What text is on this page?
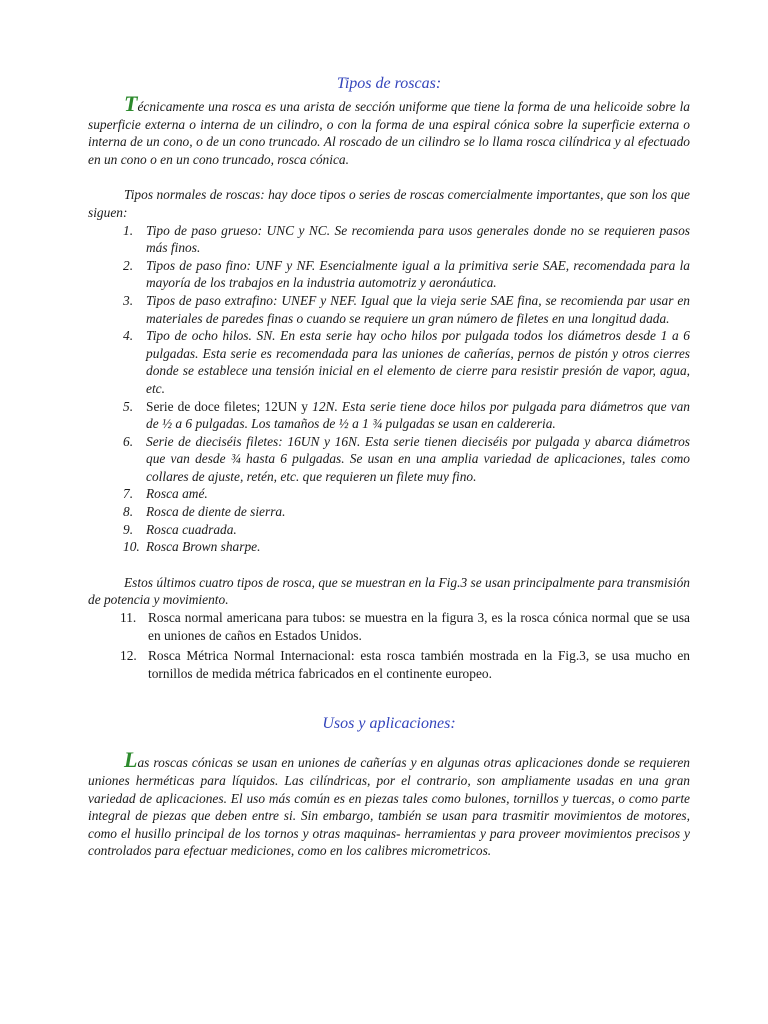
Tipos de roscas:

Técnicamente una rosca es una arista de sección uniforme que tiene la forma de una helicoide sobre la superficie externa o interna de un cilindro, o con la forma de una espiral cónica sobre la superficie externa o interna de un cono, o de un cono truncado. Al roscado de un cilindro se lo llama rosca cilíndrica y al efectuado en un cono o en un cono truncado, rosca cónica.

Tipos normales de roscas: hay doce tipos o series de roscas comercialmente importantes, que son los que siguen:

1. Tipo de paso grueso: UNC y NC. Se recomienda para usos generales donde no se requieren pasos más finos.
2. Tipos de paso fino: UNF y NF. Esencialmente igual a la primitiva serie SAE, recomendada para la mayoría de los trabajos en la industria automotriz y aeronáutica.
3. Tipos de paso extrafino: UNEF y NEF. Igual que la vieja serie SAE fina, se recomienda par usar en materiales de paredes finas o cuando se requiere un gran número de filetes en una longitud dada.
4. Tipo de ocho hilos. SN. En esta serie hay ocho hilos por pulgada todos los diámetros desde 1 a 6 pulgadas. Esta serie es recomendada para las uniones de cañerías, pernos de pistón y otros cierres donde se establece una tensión inicial en el elemento de cierre para resistir presión de vapor, agua, etc.
5. Serie de doce filetes; 12UN y 12N. Esta serie tiene doce hilos por pulgada para diámetros que van de ½ a 6 pulgadas. Los tamaños de ½ a 1 ¾ pulgadas se usan en caldereria.
6. Serie de dieciséis filetes: 16UN y 16N. Esta serie tienen dieciséis por pulgada y abarca diámetros que van desde ¾ hasta 6 pulgadas. Se usan en una amplia variedad de aplicaciones, tales como collares de ajuste, retén, etc. que requieren un filete muy fino.
7. Rosca amé.
8. Rosca de diente de sierra.
9. Rosca cuadrada.
10. Rosca Brown sharpe.

Estos últimos cuatro tipos de rosca, que se muestran en la Fig.3 se usan principalmente para transmisión de potencia y movimiento.

11. Rosca normal americana para tubos: se muestra en la figura 3, es la rosca cónica normal que se usa en uniones de caños en Estados Unidos.
12. Rosca Métrica Normal Internacional: esta rosca también mostrada en la Fig.3, se usa mucho en tornillos de medida métrica fabricados en el continente europeo.
Usos y aplicaciones:

Las roscas cónicas se usan en uniones de cañerías y en algunas otras aplicaciones donde se requieren uniones herméticas para líquidos. Las cilíndricas, por el contrario, son ampliamente usadas en una gran variedad de aplicaciones. El uso más común es en piezas tales como bulones, tornillos y tuercas, o como parte integral de piezas que deben entre si. Sin embargo, también se usan para trasmitir movimientos de motores, como el husillo principal de los tornos y otras maquinas- herramientas y para proveer movimientos precisos y controlados para efectuar mediciones, como en los calibres micrometricos.
